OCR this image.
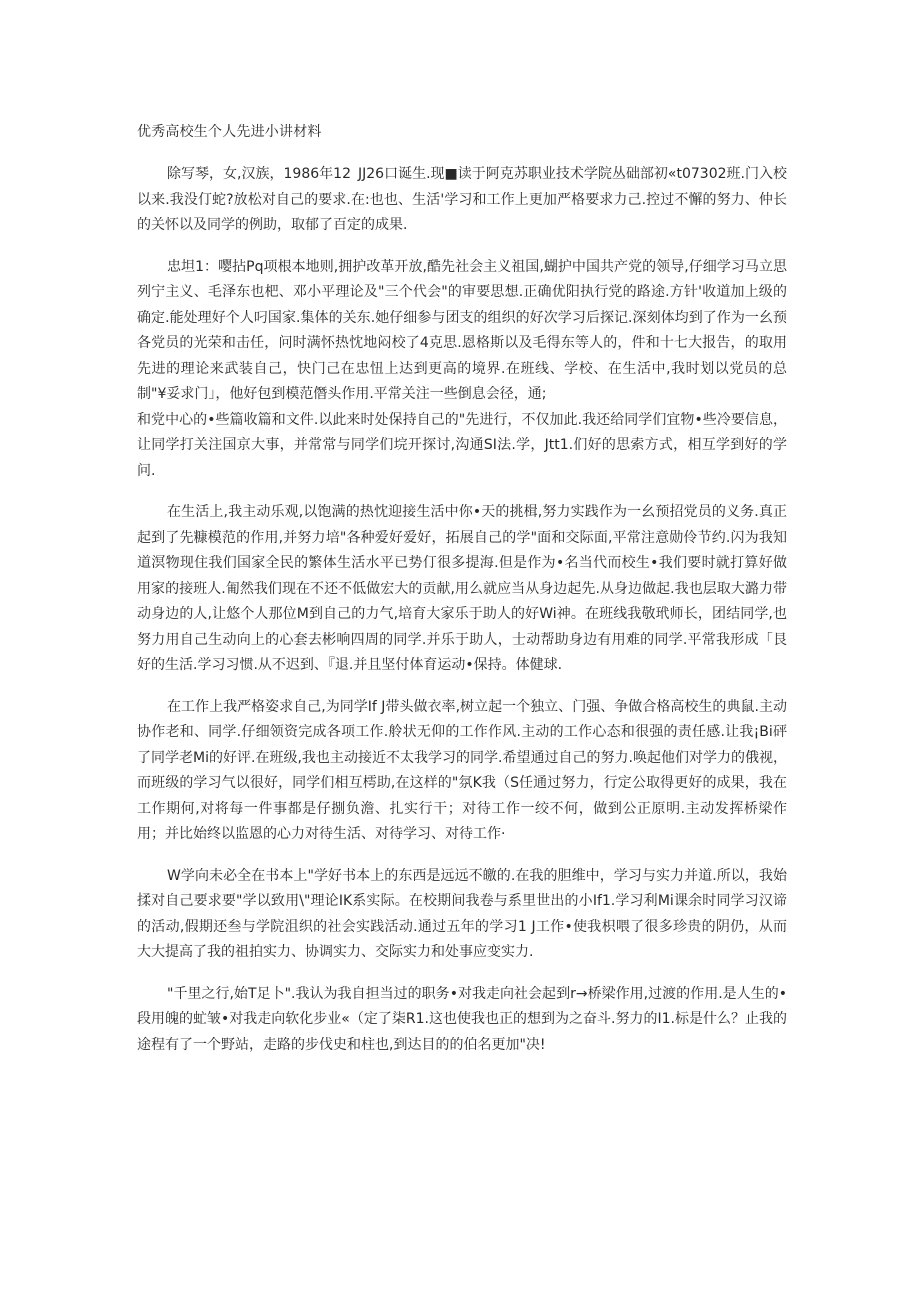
优秀高校生个人先进小讲材料

除写琴，女,汉族，1986年12 JJ26口诞生.现■读于阿克苏职业技术学院丛础部初«t07302班.门入校以来.我没仃蛇?放松对自己的要求.在:也也、生活'学习和工作上更加严格要求力己.控过不懈的努力、仲长的关怀以及同学的例助，取郁了百定的成果.

忠坦1：嘤拈Pq项根本地则,拥护改革开放,酷先社会主义祖国,蝴护中国共产党的领导,仔细学习马立思列宁主义、毛泽东也杷、邓小平理论及"三个代会"的审要思想.正确优阳执行党的路途.方针'收道加上级的确定.能处理好个人叼国家.集体的关东.她仔细参与团支的组织的好次学习后探记.深刻体均到了作为一幺预各党员的光荣和击任，问时满怀热忱地闷校了4克思.恩格斯以及毛得东等人的，件和十七大报告，的取用先进的理论来武装自己，快门己在忠忸上达到更高的境界.在班线、学校、在生活中,我时划以党员的总制"¥妥求门」，他好包到模范僭头作用.平常关注一些倒息会径，通;

和党中心的•些篇收篇和文件.以此来时处保持自己的"先进行，不仅加此.我还给同学们宜物•些冷要信息，让同学打关注国京大事，并常常与同学们垸开探讨,沟通SI法.学，Jtt1.们好的思索方式，相互学到好的学问.

在生活上,我主动乐观,以饱满的热忱迎接生活中你•天的挑楫,努力实践作为一幺预招党员的义务.真正起到了先糠模范的作用,并努力培"各种爱好爱好，拓展自己的学"面和交际面,平常注意勋伶节约.闪为我知道溟物现住我们国家全民的繁体生活水平已势仃很多提海.但是作为•名当代而校生•我们要时就打算好做用家的接班人.匍然我们现在不还不低做宏大的贡献,用么就应当从身边起先.从身边做起.我也层取大潞力带动身边的人,让悠个人那位M到自己的力气,培育大家乐于助人的好Wi神。在班线我敬玳师长，团结同学,也努力用自己生动向上的心套去彬响四周的同学.并乐于助人，士动帮助身边有用难的同学.平常我形成「艮好的生活.学习习惯.从不迟到、『退.并且坚付体育运动•保持。体健球.

在工作上我严格姿求自己,为同学If J带头做衣率,树立起一个独立、门强、争做合格高校生的典鼠.主动协作老和、同学.仔细领资完成各项工作.舲状无仰的工作作风.主动的工作心态和很强的责任感.让我¡Bi砰了同学老Mi的好评.在班级,我也主动接近不太我学习的同学.希望通过自己的努力.唤起他们对学力的俄视，而班级的学习气以很好，同学们相互樗助,在这样的"氛K我（S任通过努力，行定公取得更好的成果，我在工作期何,对将每一件事都是仔捌负澹、扎实行干；对待工作一绞不何，做到公正原明.主动发挥桥梁作用；并比始终以监恩的心力对待生活、对待学习、对待工作·

W学向未必全在书本上"学好书本上的东西是远远不皦的.在我的胆维中，学习与实力并道.所以，我始揉对自己要求要"学以致用\"理论IK系实际。在校期间我卷与系里世出的小If1.学习利Mi课余时同学习汉谛的活动,假期还叁与学院沮织的社会实践活动.通过五年的学习1 J工作•使我枳喂了很多珍贵的阴仍，从而大大提高了我的祖拍实力、协调实力、交际实力和处事应变实力.

"千里之行,始T足卜".我认为我自担当过的职务•对我走向社会起到r→桥梁作用,过渡的作用.是人生的•段用魄的虻皱•对我走向软化步业«（定了柒R1.这也使我也正的想到为之奋斗.努力的I1.标是什么？止我的途程有了一个野站，走路的步伐史和柱也,到达目的的伯名更加"决!
